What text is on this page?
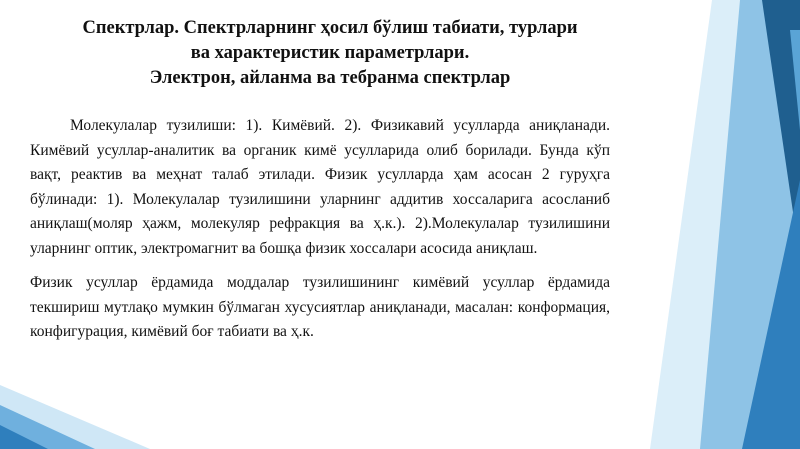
Спектрлар. Спектрларнинг ҳосил бўлиш табиати, турлари
ва характеристик параметрлари.
Электрон, айланма ва тебранма спектрлар

Молекулалар тузилиши: 1). Кимёвий. 2). Физикавий усулларда аниқланади. Кимёвий усуллар-аналитик ва органик кимё усулларида олиб борилади. Бунда кўп вақт, реактив ва меҳнат талаб этилади. Физик усулларда ҳам асосан 2 гуруҳга бўлинади: 1). Молекулалар тузилишини уларнинг аддитив хоссаларига асосланиб аниқлаш(моляр ҳажм, молекуляр рефракция ва ҳ.к.). 2).Молекулалар тузилишини уларнинг оптик, электромагнит ва бошқа физик хоссалари асосида аниқлаш.

Физик усуллар ёрдамида моддалар тузилишининг кимёвий усуллар ёрдамида текшириш мутлақо мумкин бўлмаган хусусиятлар аниқланади, масалан: конформация, конфигурация, кимёвий боғ табиати ва ҳ.к.
